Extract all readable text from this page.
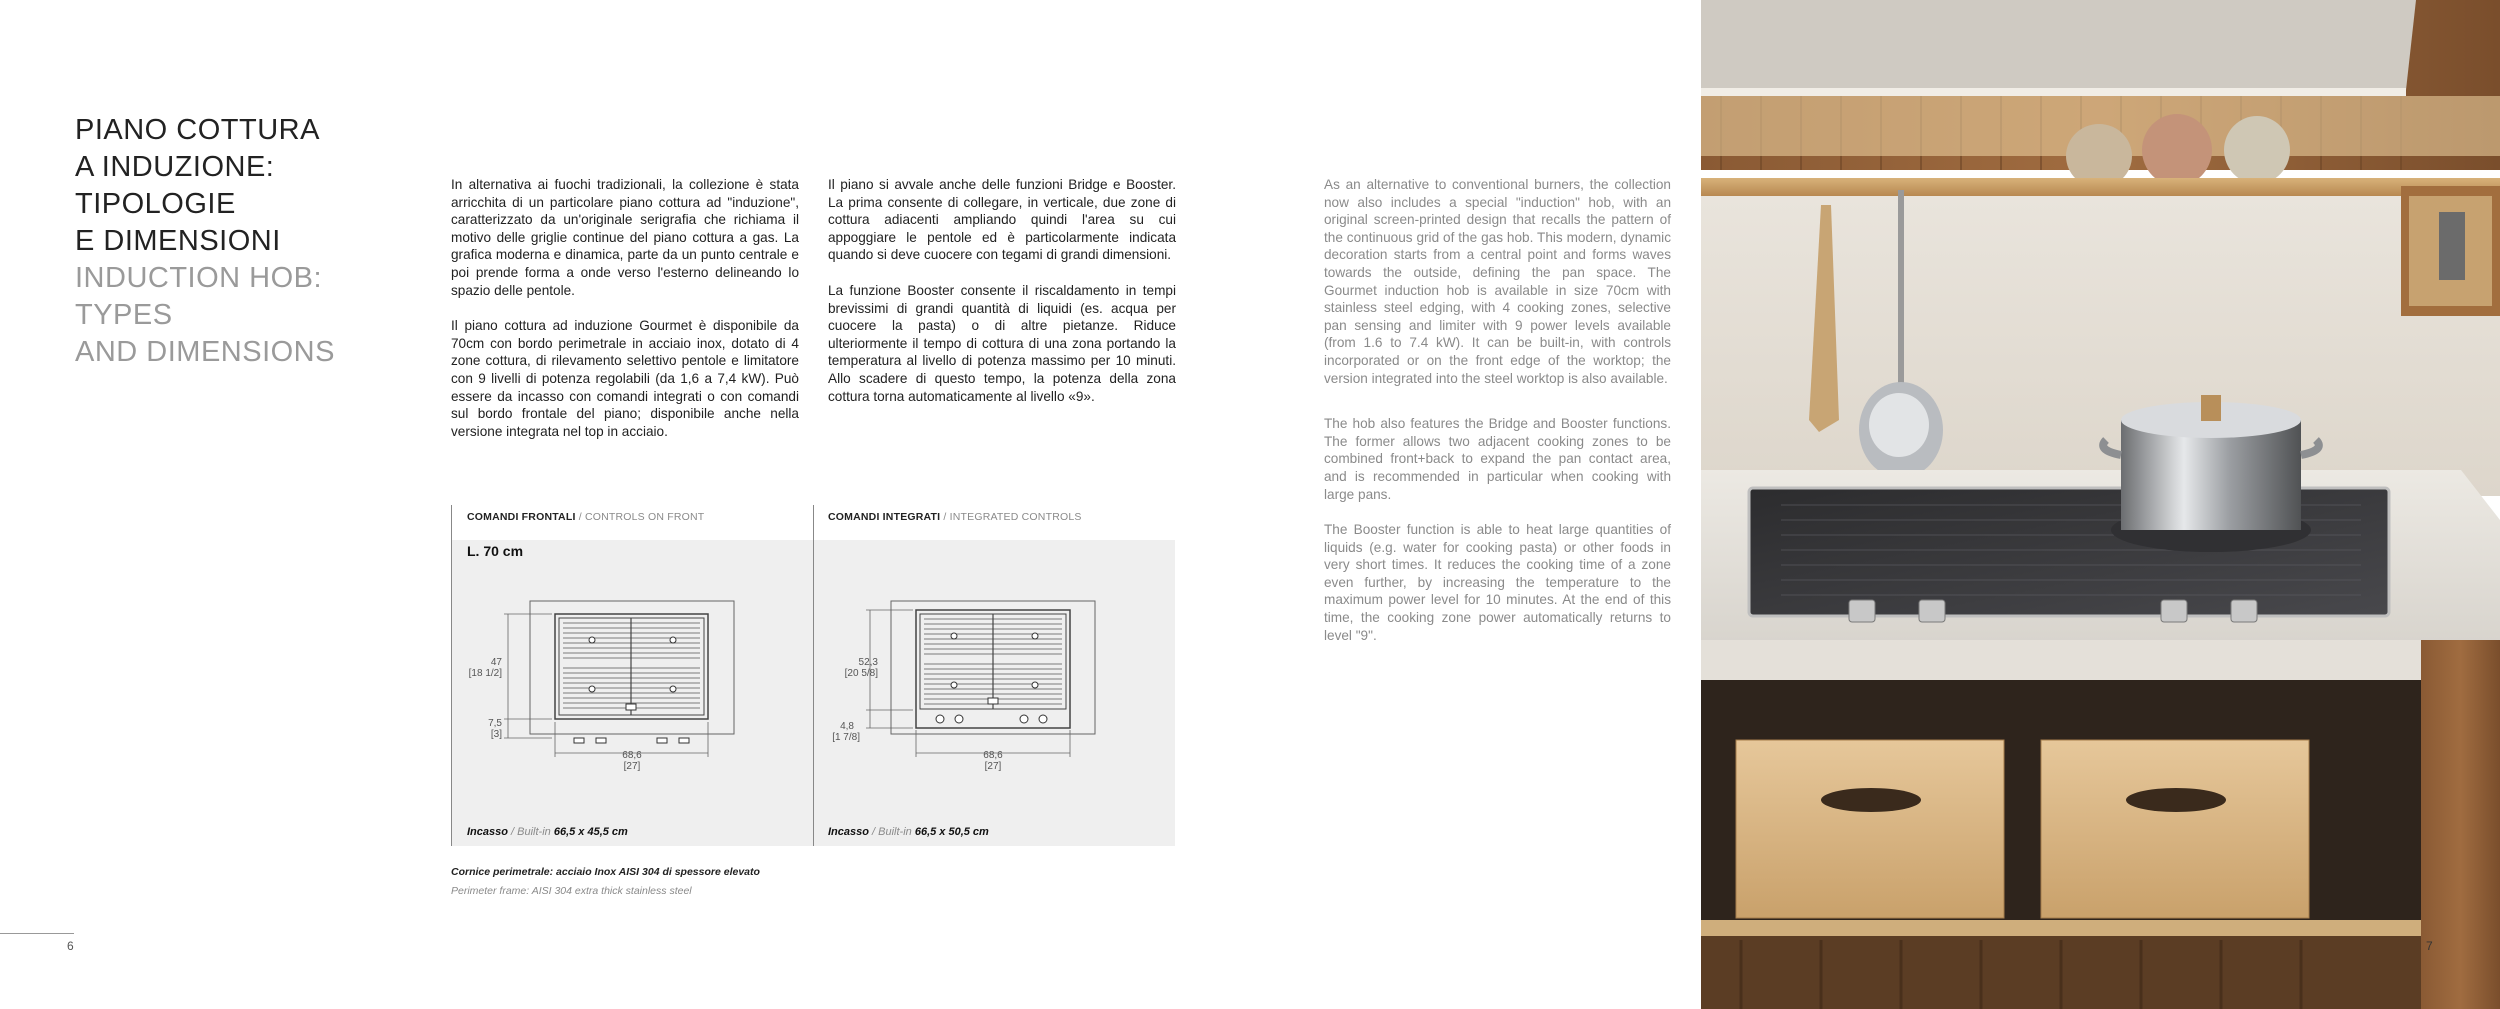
PIANO COTTURA
A INDUZIONE:
TIPOLOGIE
E DIMENSIONI
INDUCTION HOB:
TYPES
AND DIMENSIONS

In alternativa ai fuochi tradizionali, la collezione è stata arricchita di un particolare piano cottura ad "induzione", caratterizzato da un'originale serigrafia che richiama il motivo delle griglie continue del piano cottura a gas. La grafica moderna e dinamica, parte da un punto centrale e poi prende forma a onde verso l'esterno delineando lo spazio delle pentole.

Il piano cottura ad induzione Gourmet è disponibile da 70cm con bordo perimetrale in acciaio inox, dotato di 4 zone cottura, di rilevamento selettivo pentole e limitatore con 9 livelli di potenza regolabili (da 1,6 a 7,4 kW). Può essere da incasso con comandi integrati o con comandi sul bordo frontale del piano; disponibile anche nella versione integrata nel top in acciaio.

Il piano si avvale anche delle funzioni Bridge e Booster. La prima consente di collegare, in verticale, due zone di cottura adiacenti ampliando quindi l'area su cui appoggiare le pentole ed è particolarmente indicata quando si deve cuocere con tegami di grandi dimensioni.

La funzione Booster consente il riscaldamento in tempi brevissimi di grandi quantità di liquidi (es. acqua per cuocere la pasta) o di altre pietanze. Riduce ulteriormente il tempo di cottura di una zona portando la temperatura al livello di potenza massimo per 10 minuti. Allo scadere di questo tempo, la potenza della zona cottura torna automaticamente al livello «9».

As an alternative to conventional burners, the collection now also includes a special "induction" hob, with an original screen-printed design that recalls the pattern of the continuous grid of the gas hob. This modern, dynamic decoration starts from a central point and forms waves towards the outside, defining the pan space. The Gourmet induction hob is available in size 70cm with stainless steel edging, with 4 cooking zones, selective pan sensing and limiter with 9 power levels available (from 1.6 to 7.4 kW). It can be built-in, with controls incorporated or on the front edge of the worktop; the version integrated into the steel worktop is also available.

The hob also features the Bridge and Booster functions. The former allows two adjacent cooking zones to be combined front+back to expand the pan contact area, and is recommended in particular when cooking with large pans.

The Booster function is able to heat large quantities of liquids (e.g. water for cooking pasta) or other foods in very short times. It reduces the cooking time of a zone even further, by increasing the temperature to the maximum power level for 10 minutes. At the end of this time, the cooking zone power automatically returns to level "9".

COMANDI FRONTALI / CONTROLS ON FRONT	COMANDI INTEGRATI / INTEGRATED CONTROLS
L. 70 cm
47
[18 1/2]
7,5
[3]
68,6
[27]
52,3
[20 5/8]
4,8
[1 7/8]
68,6
[27]
Incasso / Built-in 66,5 x 45,5 cm	Incasso / Built-in 66,5 x 50,5 cm
Cornice perimetrale: acciaio Inox AISI 304 di spessore elevato
Perimeter frame: AISI 304 extra thick stainless steel
6	7
